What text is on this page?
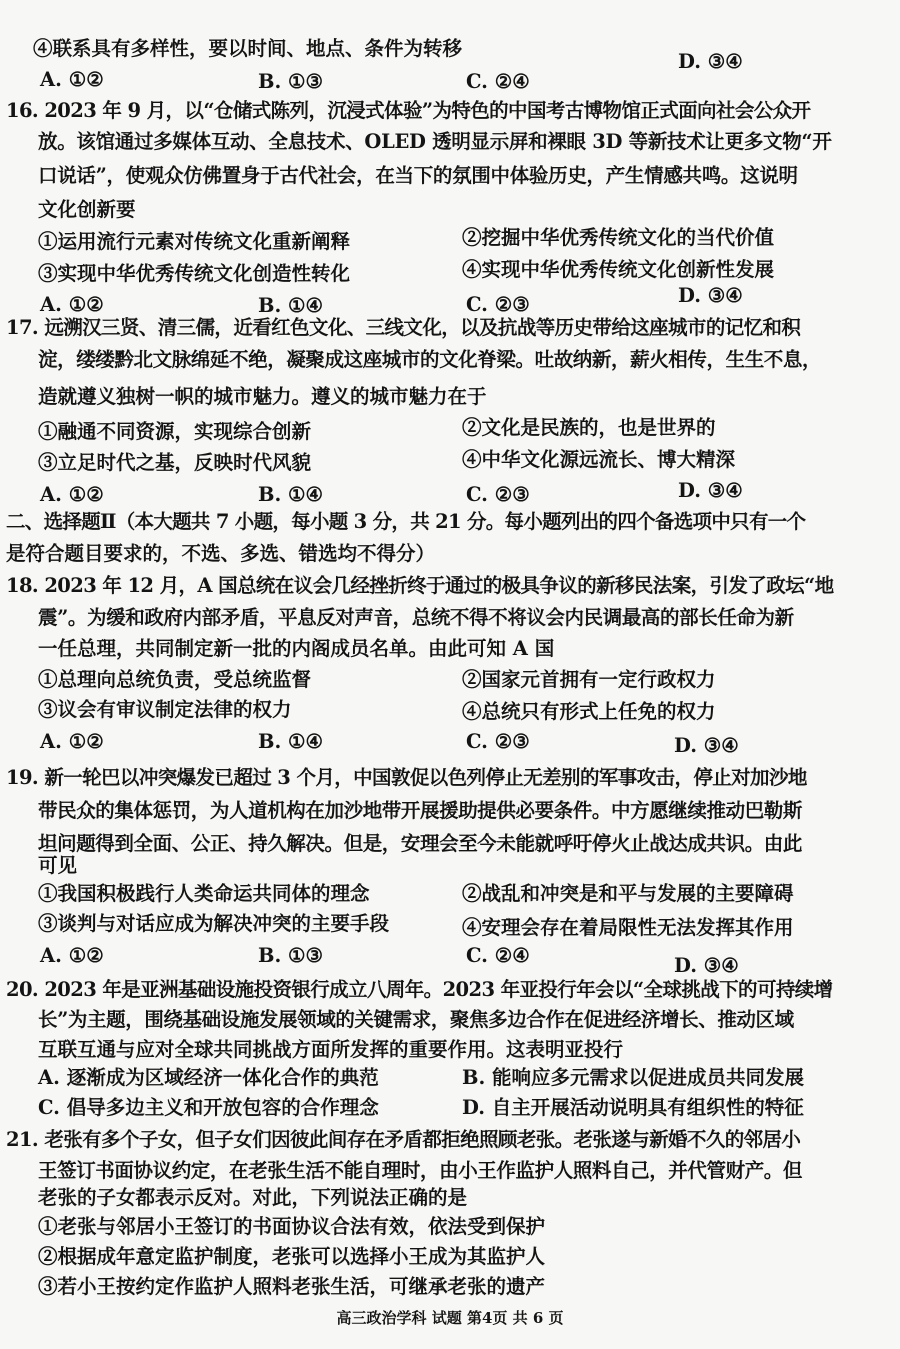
④联系具有多样性，要以时间、地点、条件为转移
A. ①②	B. ①③	C. ②④
D. ③④
16. 2023 年 9 月，以“仓储式陈列，沉浸式体验”为特色的中国考古博物馆正式面向社会公众开
放。该馆通过多媒体互动、全息技术、OLED 透明显示屏和裸眼 3D 等新技术让更多文物“开
口说话”，使观众仿佛置身于古代社会，在当下的氛围中体验历史，产生情感共鸣。这说明
文化创新要
①运用流行元素对传统文化重新阐释	②挖掘中华优秀传统文化的当代价值
③实现中华优秀传统文化创造性转化	④实现中华优秀传统文化创新性发展
A. ①②	B. ①④	C. ②③	D. ③④
17. 远溯汉三贤、清三儒，近看红色文化、三线文化，以及抗战等历史带给这座城市的记忆和积
淀，缕缕黔北文脉绵延不绝，凝聚成这座城市的文化脊梁。吐故纳新，薪火相传，生生不息，
造就遵义独树一帜的城市魅力。遵义的城市魅力在于
①融通不同资源，实现综合创新	②文化是民族的，也是世界的
③立足时代之基，反映时代风貌	④中华文化源远流长、博大精深
A. ①②	B. ①④	C. ②③	D. ③④
二、选择题Ⅱ（本大题共 7 小题，每小题 3 分，共 21 分。每小题列出的四个备选项中只有一个
是符合题目要求的，不选、多选、错选均不得分）
18. 2023 年 12 月，A 国总统在议会几经挫折终于通过的极具争议的新移民法案，引发了政坛“地
震”。为缓和政府内部矛盾，平息反对声音，总统不得不将议会内民调最高的部长任命为新
一任总理，共同制定新一批的内阁成员名单。由此可知 A 国
①总理向总统负责，受总统监督	②国家元首拥有一定行政权力
③议会有审议制定法律的权力	④总统只有形式上任免的权力
A. ①②	B. ①④	C. ②③	D. ③④
19. 新一轮巴以冲突爆发已超过 3 个月，中国敦促以色列停止无差别的军事攻击，停止对加沙地
带民众的集体惩罚，为人道机构在加沙地带开展援助提供必要条件。中方愿继续推动巴勒斯
坦问题得到全面、公正、持久解决。但是，安理会至今未能就呼吁停火止战达成共识。由此
可见
①我国积极践行人类命运共同体的理念	②战乱和冲突是和平与发展的主要障碍
③谈判与对话应成为解决冲突的主要手段	④安理会存在着局限性无法发挥其作用
A. ①②	B. ①③	C. ②④	D. ③④
20. 2023 年是亚洲基础设施投资银行成立八周年。2023 年亚投行年会以“全球挑战下的可持续增
长”为主题，围绕基础设施发展领域的关键需求，聚焦多边合作在促进经济增长、推动区域
互联互通与应对全球共同挑战方面所发挥的重要作用。这表明亚投行
A. 逐渐成为区域经济一体化合作的典范	B. 能响应多元需求以促进成员共同发展
C. 倡导多边主义和开放包容的合作理念	D. 自主开展活动说明具有组织性的特征
21. 老张有多个子女，但子女们因彼此间存在矛盾都拒绝照顾老张。老张遂与新婚不久的邻居小
王签订书面协议约定，在老张生活不能自理时，由小王作监护人照料自己，并代管财产。但
老张的子女都表示反对。对此，下列说法正确的是
①老张与邻居小王签订的书面协议合法有效，依法受到保护
②根据成年意定监护制度，老张可以选择小王成为其监护人
③若小王按约定作监护人照料老张生活，可继承老张的遗产
高三政治学科 试题 第4页 共 6 页
